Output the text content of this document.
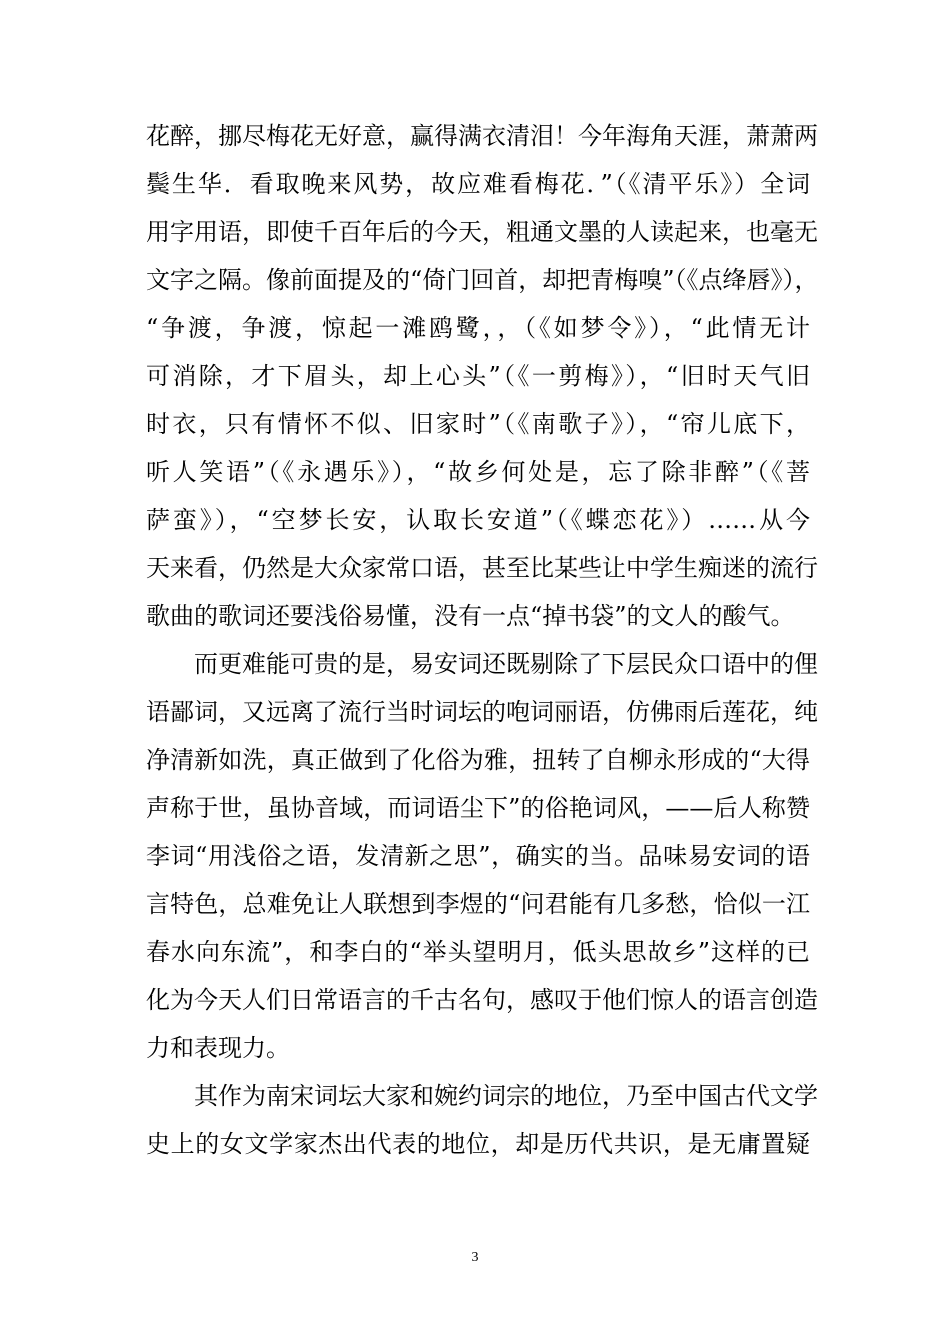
花醉，挪尽梅花无好意，赢得满衣清泪！今年海角天涯，萧萧两
鬓生华．看取晚来风势，故应难看梅花．”（《清平乐》）全词
用字用语，即使千百年后的今天，粗通文墨的人读起来，也毫无
文字之隔。像前面提及的“倚门回首，却把青梅嗅”（《点绛唇》），
“争渡，争渡，惊起一滩鸥鹭，，（《如梦令》），“此情无计
可消除，才下眉头，却上心头”（《一剪梅》），“旧时天气旧
时衣，只有情怀不似、旧家时”（《南歌子》），“帘儿底下，
听人笑语”（《永遇乐》），“故乡何处是，忘了除非醉”（《菩
萨蛮》），“空梦长安，认取长安道”（《蝶恋花》）……从今
天来看，仍然是大众家常口语，甚至比某些让中学生痴迷的流行
歌曲的歌词还要浅俗易懂，没有一点“掉书袋”的文人的酸气。
而更难能可贵的是，易安词还既剔除了下层民众口语中的俚
语鄙词，又远离了流行当时词坛的咆词丽语，仿佛雨后莲花，纯
净清新如洗，真正做到了化俗为雅，扭转了自柳永形成的“大得
声称于世，虽协音域，而词语尘下”的俗艳词风，——后人称赞
李词“用浅俗之语，发清新之思”，确实的当。品味易安词的语
言特色，总难免让人联想到李煜的“问君能有几多愁，恰似一江
春水向东流”，和李白的“举头望明月，低头思故乡”这样的已
化为今天人们日常语言的千古名句，感叹于他们惊人的语言创造
力和表现力。
其作为南宋词坛大家和婉约词宗的地位，乃至中国古代文学
史上的女文学家杰出代表的地位，却是历代共识，是无庸置疑
3
